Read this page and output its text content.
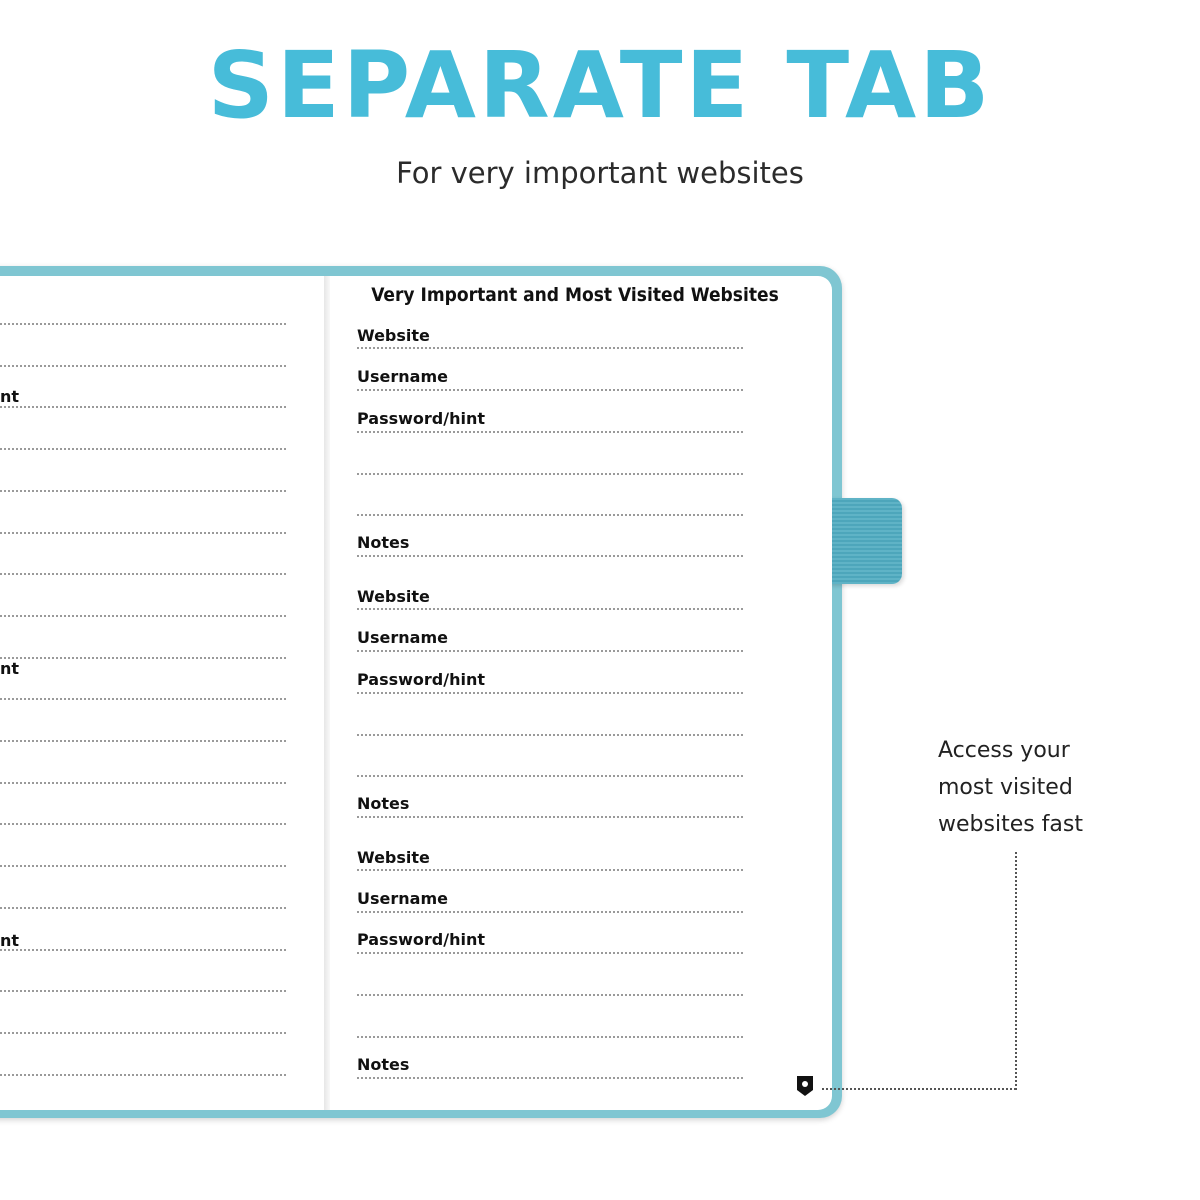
SEPARATE TAB
For very important websites
Very Important and Most Visited Websites
nt
nt
nt
Website
Username
Password/hint
Notes
Website
Username
Password/hint
Notes
Website
Username
Password/hint
Notes
Access your
most visited
websites fast
